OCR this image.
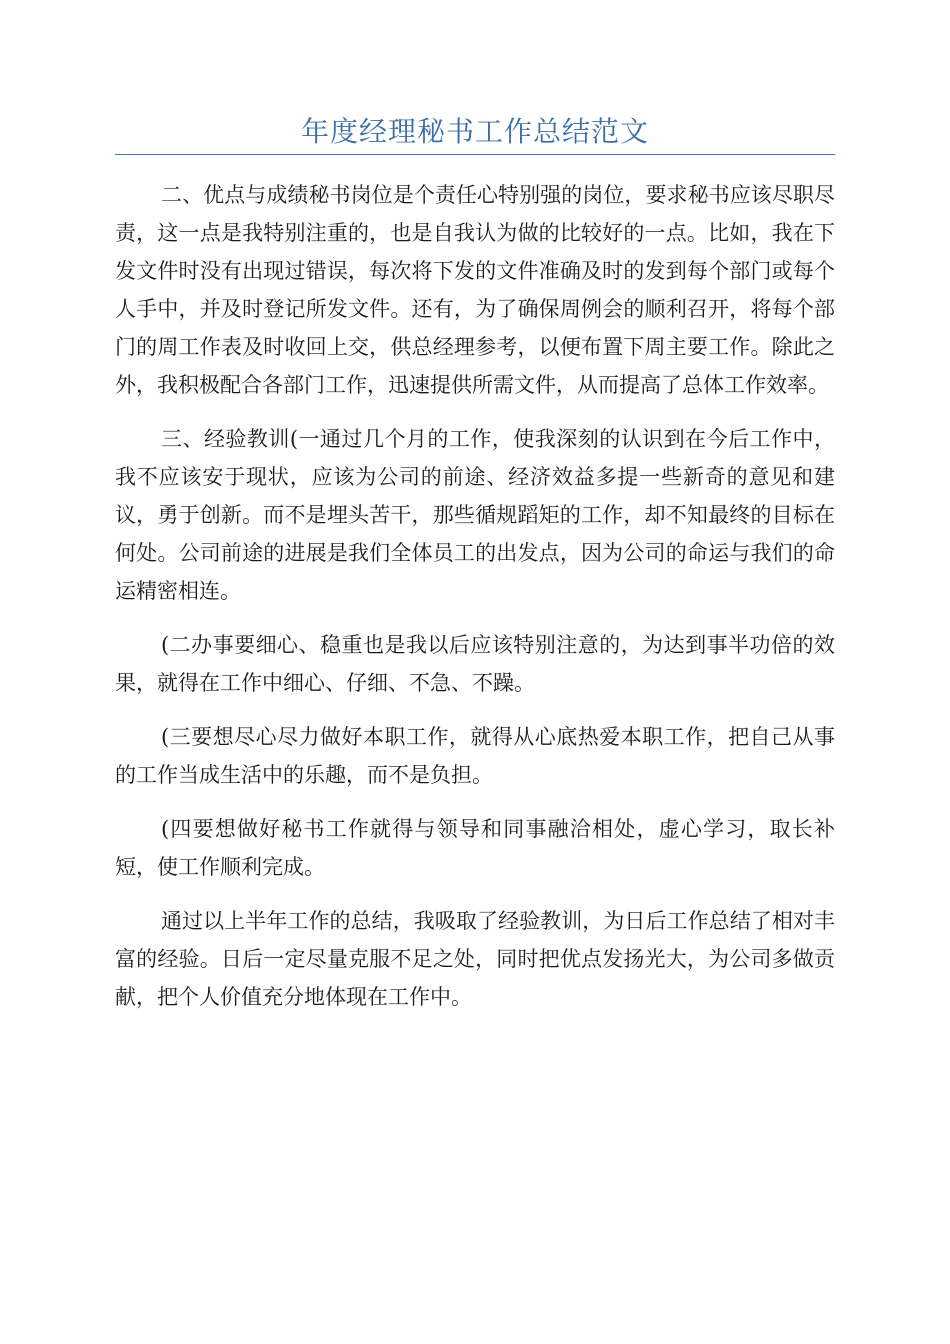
年度经理秘书工作总结范文

二、优点与成绩秘书岗位是个责任心特别强的岗位，要求秘书应该尽职尽责，这一点是我特别注重的，也是自我认为做的比较好的一点。比如，我在下发文件时没有出现过错误，每次将下发的文件准确及时的发到每个部门或每个人手中，并及时登记所发文件。还有，为了确保周例会的顺利召开，将每个部门的周工作表及时收回上交，供总经理参考，以便布置下周主要工作。除此之外，我积极配合各部门工作，迅速提供所需文件，从而提高了总体工作效率。

三、经验教训(一通过几个月的工作，使我深刻的认识到在今后工作中，我不应该安于现状，应该为公司的前途、经济效益多提一些新奇的意见和建议，勇于创新。而不是埋头苦干，那些循规蹈矩的工作，却不知最终的目标在何处。公司前途的进展是我们全体员工的出发点，因为公司的命运与我们的命运精密相连。

(二办事要细心、稳重也是我以后应该特别注意的，为达到事半功倍的效果，就得在工作中细心、仔细、不急、不躁。

(三要想尽心尽力做好本职工作，就得从心底热爱本职工作，把自己从事的工作当成生活中的乐趣，而不是负担。

(四要想做好秘书工作就得与领导和同事融洽相处，虚心学习，取长补短，使工作顺利完成。

通过以上半年工作的总结，我吸取了经验教训，为日后工作总结了相对丰富的经验。日后一定尽量克服不足之处，同时把优点发扬光大，为公司多做贡献，把个人价值充分地体现在工作中。
